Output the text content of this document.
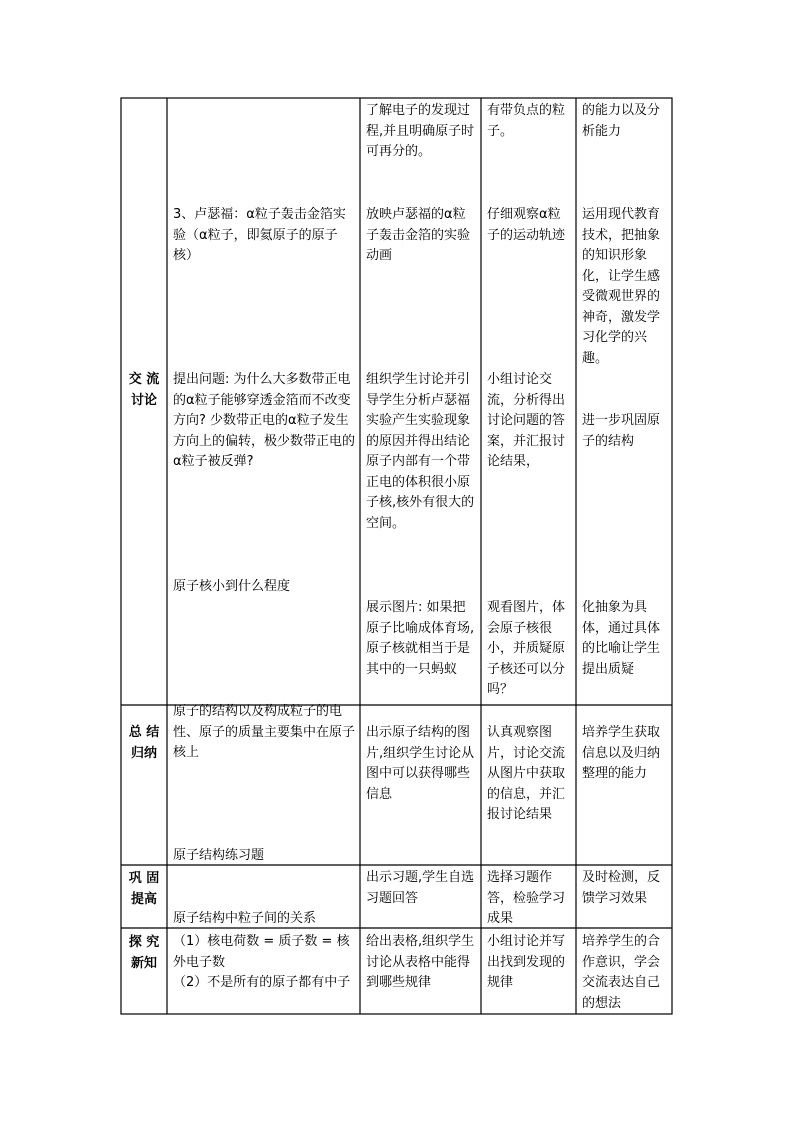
交 流
讨论
总 结
归纳
巩 固
提高
探 究
新知

了解电子的发现过程,并且明确原子时可再分的。

有带负点的粒子。

的能力以及分析能力

3、卢瑟福：α粒子轰击金箔实验（α粒子，即氦原子的原子核）

放映卢瑟福的α粒子轰击金箔的实验动画

仔细观察α粒子的运动轨迹

运用现代教育技术，把抽象的知识形象化，让学生感受微观世界的神奇，激发学习化学的兴趣。

提出问题: 为什么大多数带正电的α粒子能够穿透金箔而不改变方向? 少数带正电的α粒子发生方向上的偏转，极少数带正电的α粒子被反弹?

组织学生讨论并引导学生分析卢瑟福实验产生实验现象的原因并得出结论原子内部有一个带正电的体积很小原子核,核外有很大的空间。

小组讨论交流，分析得出讨论问题的答案，并汇报讨论结果，

进一步巩固原子的结构

原子核小到什么程度

展示图片: 如果把原子比喻成体育场,原子核就相当于是其中的一只蚂蚁

观看图片，体会原子核很小，并质疑原子核还可以分吗？

化抽象为具体，通过具体的比喻让学生提出质疑

原子的结构以及构成粒子的电性、原子的质量主要集中在原子核上

出示原子结构的图片,组织学生讨论从图中可以获得哪些信息

认真观察图片，讨论交流从图片中获取的信息，并汇报讨论结果

培养学生获取信息以及归纳整理的能力

原子结构练习题

出示习题,学生自选习题回答

选择习题作答，检验学习成果

及时检测，反馈学习效果

原子结构中粒子间的关系

（1）核电荷数 = 质子数 = 核外电子数

（2）不是所有的原子都有中子

给出表格,组织学生讨论从表格中能得到哪些规律

小组讨论并写出找到发现的规律

培养学生的合作意识，学会交流表达自己的想法
